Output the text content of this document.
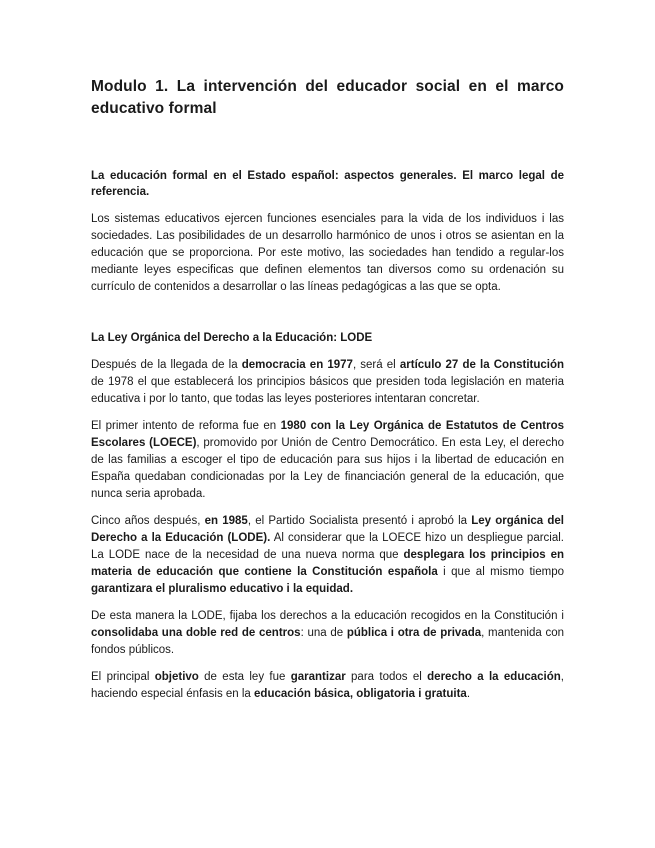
Modulo 1. La intervención del educador social en el marco educativo formal
La educación formal en el Estado español: aspectos generales. El marco legal de referencia.

Los sistemas educativos ejercen funciones esenciales para la vida de los individuos i las sociedades. Las posibilidades de un desarrollo harmónico de unos i otros se asientan en la educación que se proporciona. Por este motivo, las sociedades han tendido a regular-los mediante leyes especificas que definen elementos tan diversos como su ordenación su currículo de contenidos a desarrollar o las líneas pedagógicas a las que se opta.

La Ley Orgánica del Derecho a la Educación: LODE

Después de la llegada de la democracia en 1977, será el artículo 27 de la Constitución de 1978 el que establecerá los principios básicos que presiden toda legislación en materia educativa i por lo tanto, que todas las leyes posteriores intentaran concretar.

El primer intento de reforma fue en 1980 con la Ley Orgánica de Estatutos de Centros Escolares (LOECE), promovido por Unión de Centro Democrático. En esta Ley, el derecho de las familias a escoger el tipo de educación para sus hijos i la libertad de educación en España quedaban condicionadas por la Ley de financiación general de la educación, que nunca seria aprobada.

Cinco años después, en 1985, el Partido Socialista presentó i aprobó la Ley orgánica del Derecho a la Educación (LODE). Al considerar que la LOECE hizo un despliegue parcial. La LODE nace de la necesidad de una nueva norma que desplegara los principios en materia de educación que contiene la Constitución española i que al mismo tiempo garantizara el pluralismo educativo i la equidad.

De esta manera la LODE, fijaba los derechos a la educación recogidos en la Constitución i consolidaba una doble red de centros: una de pública i otra de privada, mantenida con fondos públicos.

El principal objetivo de esta ley fue garantizar para todos el derecho a la educación, haciendo especial énfasis en la educación básica, obligatoria i gratuita.
